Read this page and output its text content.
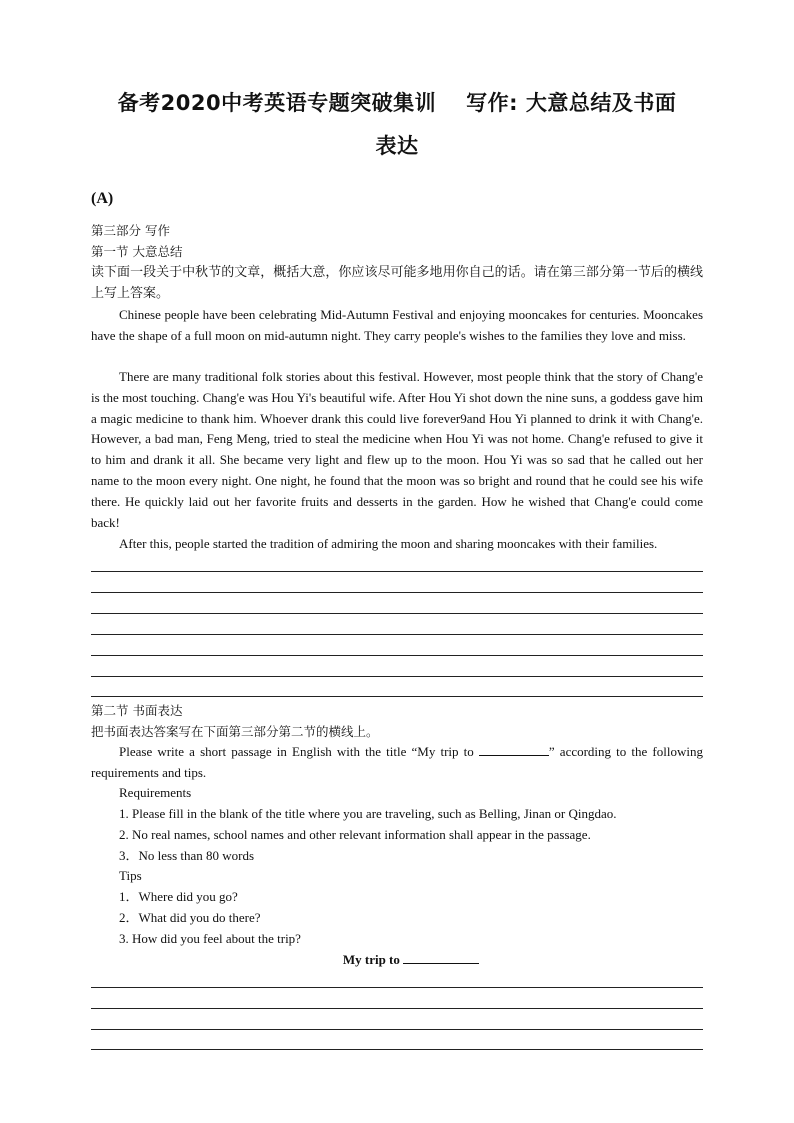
备考2020中考英语专题突破集训 写作: 大意总结及书面
表达
(A)
第三部分 写作
第一节 大意总结
读下面一段关于中秋节的文章，概括大意，你应该尽可能多地用你自己的话。请在第三部分第一节后的横线上写上答案。

Chinese people have been celebrating Mid-Autumn Festival and enjoying mooncakes for centuries. Mooncakes have the shape of a full moon on mid-autumn night. They carry people's wishes to the families they love and miss.

There are many traditional folk stories about this festival. However, most people think that the story of Chang'e is the most touching. Chang'e was Hou Yi's beautiful wife. After Hou Yi shot down the nine suns, a goddess gave him a magic medicine to thank him. Whoever drank this could live forever9and Hou Yi planned to drink it with Chang'e. However, a bad man, Feng Meng, tried to steal the medicine when Hou Yi was not home. Chang'e refused to give it to him and drank it all. She became very light and flew up to the moon. Hou Yi was so sad that he called out her name to the moon every night. One night, he found that the moon was so bright and round that he could see his wife there. He quickly laid out her favorite fruits and desserts in the garden. How he wished that Chang'e could come back!

After this, people started the tradition of admiring the moon and sharing mooncakes with their families.

第二节 书面表达
把书面表达答案写在下面第三部分第二节的横线上。

Please write a short passage in English with the title “My trip to	” according to the following requirements and tips.

Requirements
1. Please fill in the blank of the title where you are traveling, such as Belling, Jinan or Qingdao.
2. No real names, school names and other relevant information shall appear in the passage.
3．No less than 80 words
Tips
1．Where did you go?
2．What did you do there?
3. How did you feel about the trip?
My trip to
